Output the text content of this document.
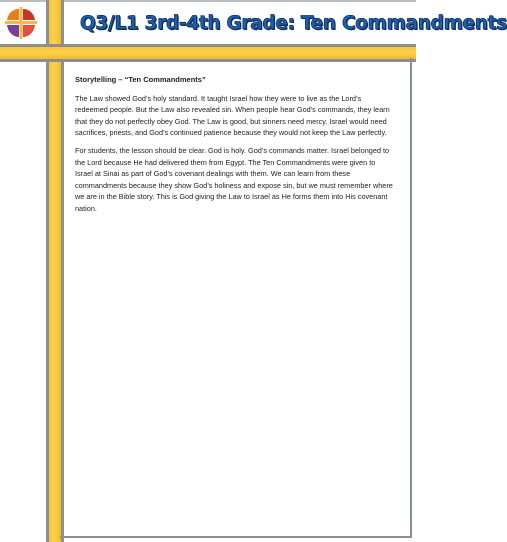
Q3/L1 3rd-4th Grade: Ten Commandments

Storytelling – “Ten Commandments”

The Law showed God’s holy standard. It taught Israel how they were to live as the Lord’s redeemed people. But the Law also revealed sin. When people hear God’s commands, they learn that they do not perfectly obey God. The Law is good, but sinners need mercy. Israel would need sacrifices, priests, and God’s continued patience because they would not keep the Law perfectly.

For students, the lesson should be clear. God is holy. God’s commands matter. Israel belonged to the Lord because He had delivered them from Egypt. The Ten Commandments were given to Israel at Sinai as part of God’s covenant dealings with them. We can learn from these commandments because they show God’s holiness and expose sin, but we must remember where we are in the Bible story. This is God giving the Law to Israel as He forms them into His covenant nation.
